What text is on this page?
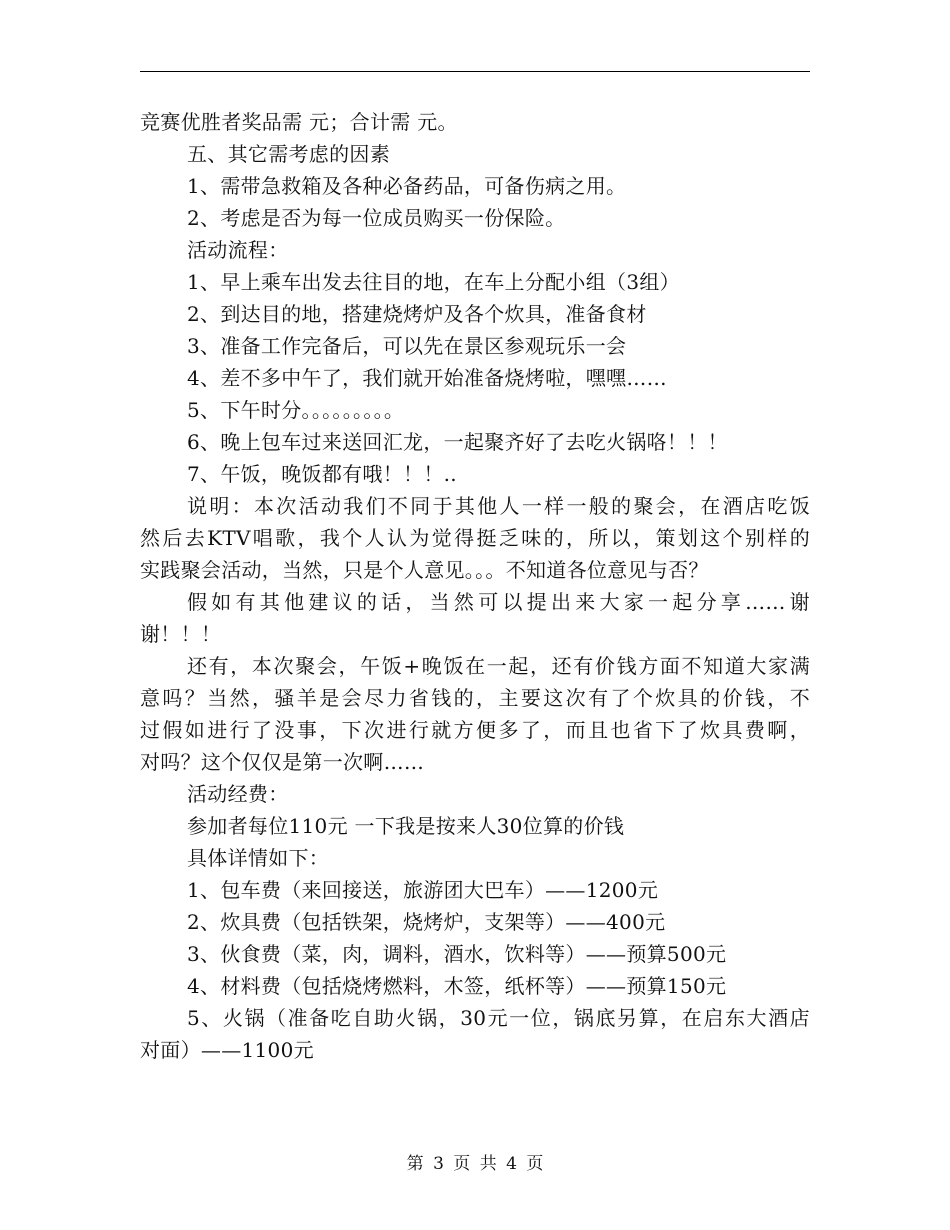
竞赛优胜者奖品需 元；合计需 元。
五、其它需考虑的因素
1、需带急救箱及各种必备药品，可备伤病之用。
2、考虑是否为每一位成员购买一份保险。
活动流程：
1、早上乘车出发去往目的地，在车上分配小组（3组）
2、到达目的地，搭建烧烤炉及各个炊具，准备食材
3、准备工作完备后，可以先在景区参观玩乐一会
4、差不多中午了，我们就开始准备烧烤啦，嘿嘿……
5、下午时分。。。。。。。。。
6、晚上包车过来送回汇龙，一起聚齐好了去吃火锅咯！！！
7、午饭，晚饭都有哦！！！..
说明：本次活动我们不同于其他人一样一般的聚会，在酒店吃饭
然后去KTV唱歌，我个人认为觉得挺乏味的，所以，策划这个别样的
实践聚会活动，当然，只是个人意见。。。不知道各位意见与否？
假如有其他建议的话，当然可以提出来大家一起分享……谢
谢！！！
还有，本次聚会，午饭+晚饭在一起，还有价钱方面不知道大家满
意吗？当然，骚羊是会尽力省钱的，主要这次有了个炊具的价钱，不
过假如进行了没事，下次进行就方便多了，而且也省下了炊具费啊，
对吗？这个仅仅是第一次啊……
活动经费：
参加者每位110元 一下我是按来人30位算的价钱
具体详情如下：
1、包车费（来回接送，旅游团大巴车）——1200元
2、炊具费（包括铁架，烧烤炉，支架等）——400元
3、伙食费（菜，肉，调料，酒水，饮料等）——预算500元
4、材料费（包括烧烤燃料，木签，纸杯等）——预算150元
5、火锅（准备吃自助火锅，30元一位，锅底另算，在启东大酒店
对面）——1100元
第 3 页 共 4 页
